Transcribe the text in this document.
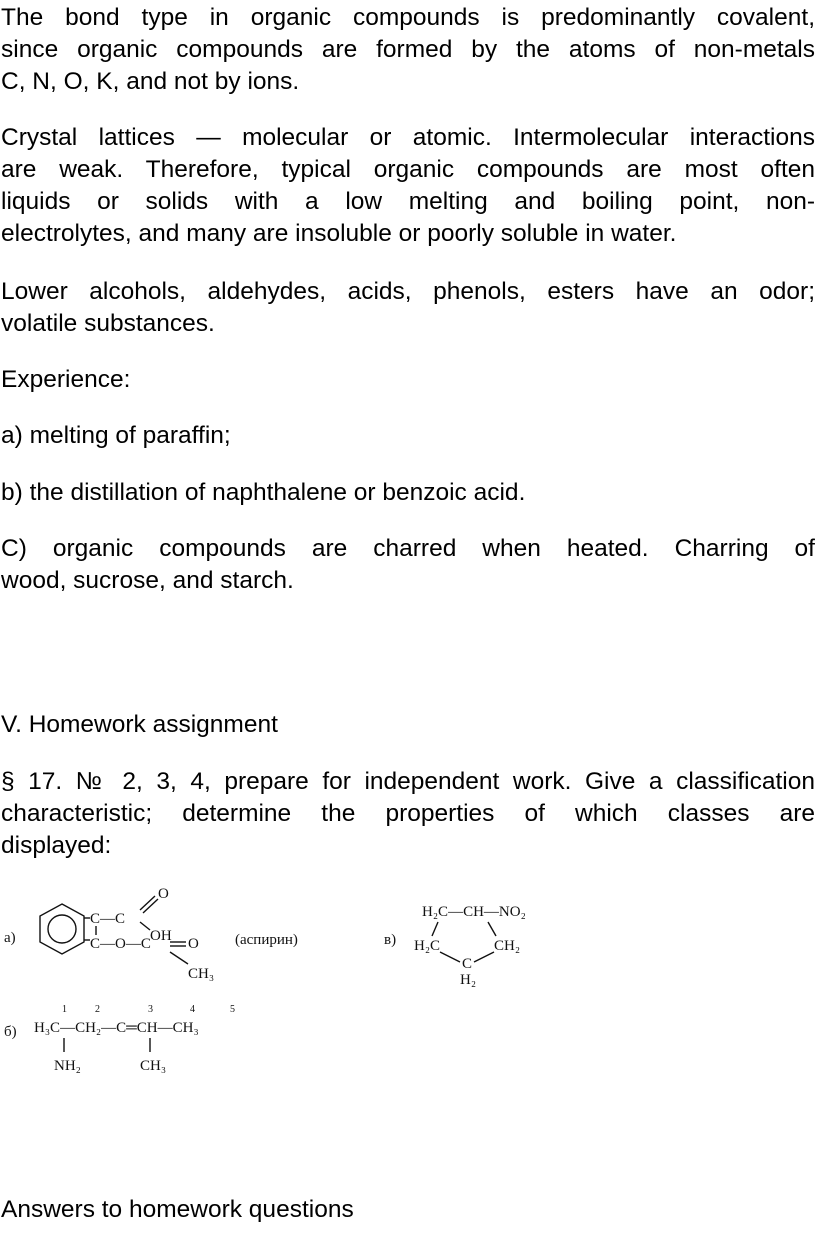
The bond type in organic compounds is predominantly covalent,
since organic compounds are formed by the atoms of non-metals
C, N, O, K, and not by ions.
Crystal lattices — molecular or atomic. Intermolecular interactions
are weak. Therefore, typical organic compounds are most often
liquids or solids with a low melting and boiling point, non-
electrolytes, and many are insoluble or poorly soluble in water.
Lower alcohols, aldehydes, acids, phenols, esters have an odor;
volatile substances.
Experience:
a) melting of paraffin;
b) the distillation of naphthalene or benzoic acid.
C) organic compounds are charred when heated. Charring of
wood, sucrose, and starch.
V. Homework assignment
§ 17. № 2, 3, 4, prepare for independent work. Give a classification
characteristic; determine the properties of which classes are
displayed:
а)
C—C
O
OH
C—O—C O
CH₃
(аспирин)
б)
1	2	3	4	5
H₃C—CH₂—C═CH—CH₃
NH₂	CH₃
в)
H₂C—CH—NO₂
H₂C	CH₂
C
H₂
Answers to homework questions
